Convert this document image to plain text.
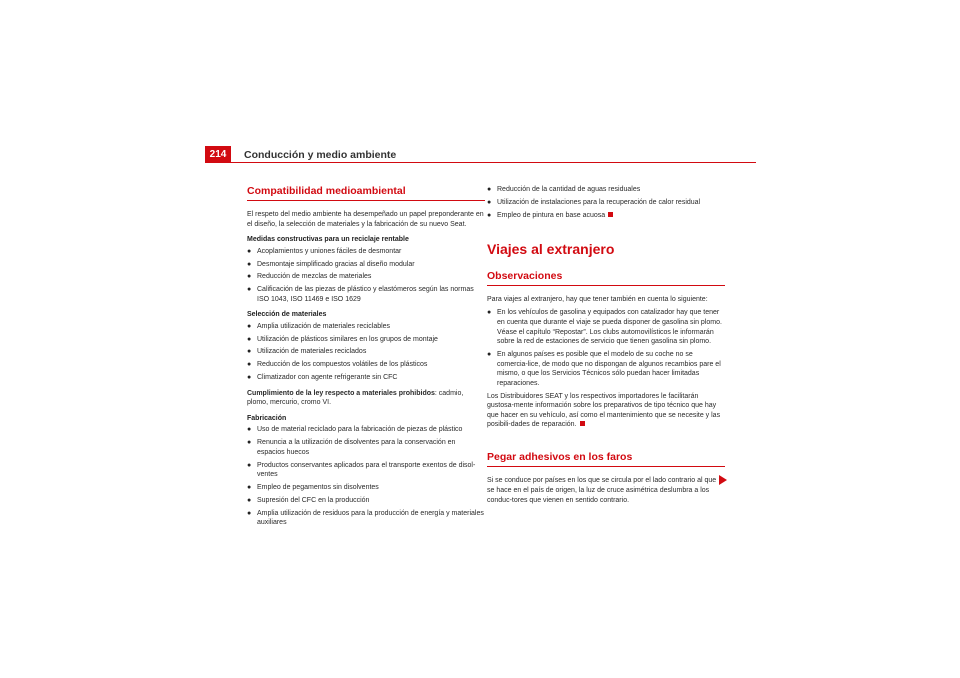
214	Conducción y medio ambiente
Compatibilidad medioambiental

El respeto del medio ambiente ha desempeñado un papel preponderante en el diseño, la selección de materiales y la fabricación de su nuevo Seat.

Medidas constructivas para un reciclaje rentable

● Acoplamientos y uniones fáciles de desmontar
● Desmontaje simplificado gracias al diseño modular
● Reducción de mezclas de materiales
● Calificación de las piezas de plástico y elastómeros según las normas ISO 1043, ISO 11469 e ISO 1629

Selección de materiales

● Amplia utilización de materiales reciclables
● Utilización de plásticos similares en los grupos de montaje
● Utilización de materiales reciclados
● Reducción de los compuestos volátiles de los plásticos
● Climatizador con agente refrigerante sin CFC

Cumplimiento de la ley respecto a materiales prohibidos: cadmio, plomo, mercurio, cromo VI.

Fabricación

● Uso de material reciclado para la fabricación de piezas de plástico
● Renuncia a la utilización de disolventes para la conservación en espacios huecos
● Productos conservantes aplicados para el transporte exentos de disol-ventes
● Empleo de pegamentos sin disolventes
● Supresión del CFC en la producción
● Amplia utilización de residuos para la producción de energía y materiales auxiliares
● Reducción de la cantidad de aguas residuales
● Utilización de instalaciones para la recuperación de calor residual
● Empleo de pintura en base acuosa
Viajes al extranjero
Observaciones

Para viajes al extranjero, hay que tener también en cuenta lo siguiente:

● En los vehículos de gasolina y equipados con catalizador hay que tener en cuenta que durante el viaje se pueda disponer de gasolina sin plomo. Véase el capítulo “Repostar”. Los clubs automovilísticos le informarán sobre la red de estaciones de servicio que tienen gasolina sin plomo.
● En algunos países es posible que el modelo de su coche no se comercia-lice, de modo que no dispongan de algunos recambios pare el mismo, o que los Servicios Técnicos sólo puedan hacer limitadas reparaciones.

Los Distribuidores SEAT y los respectivos importadores le facilitarán gustosa-mente información sobre los preparativos de tipo técnico que hay que hacer en su vehículo, así como el mantenimiento que se necesite y las posibili-dades de reparación.

Pegar adhesivos en los faros

Si se conduce por países en los que se circula por el lado contrario al que se hace en el país de origen, la luz de cruce asimétrica deslumbra a los conduc-tores que vienen en sentido contrario.
